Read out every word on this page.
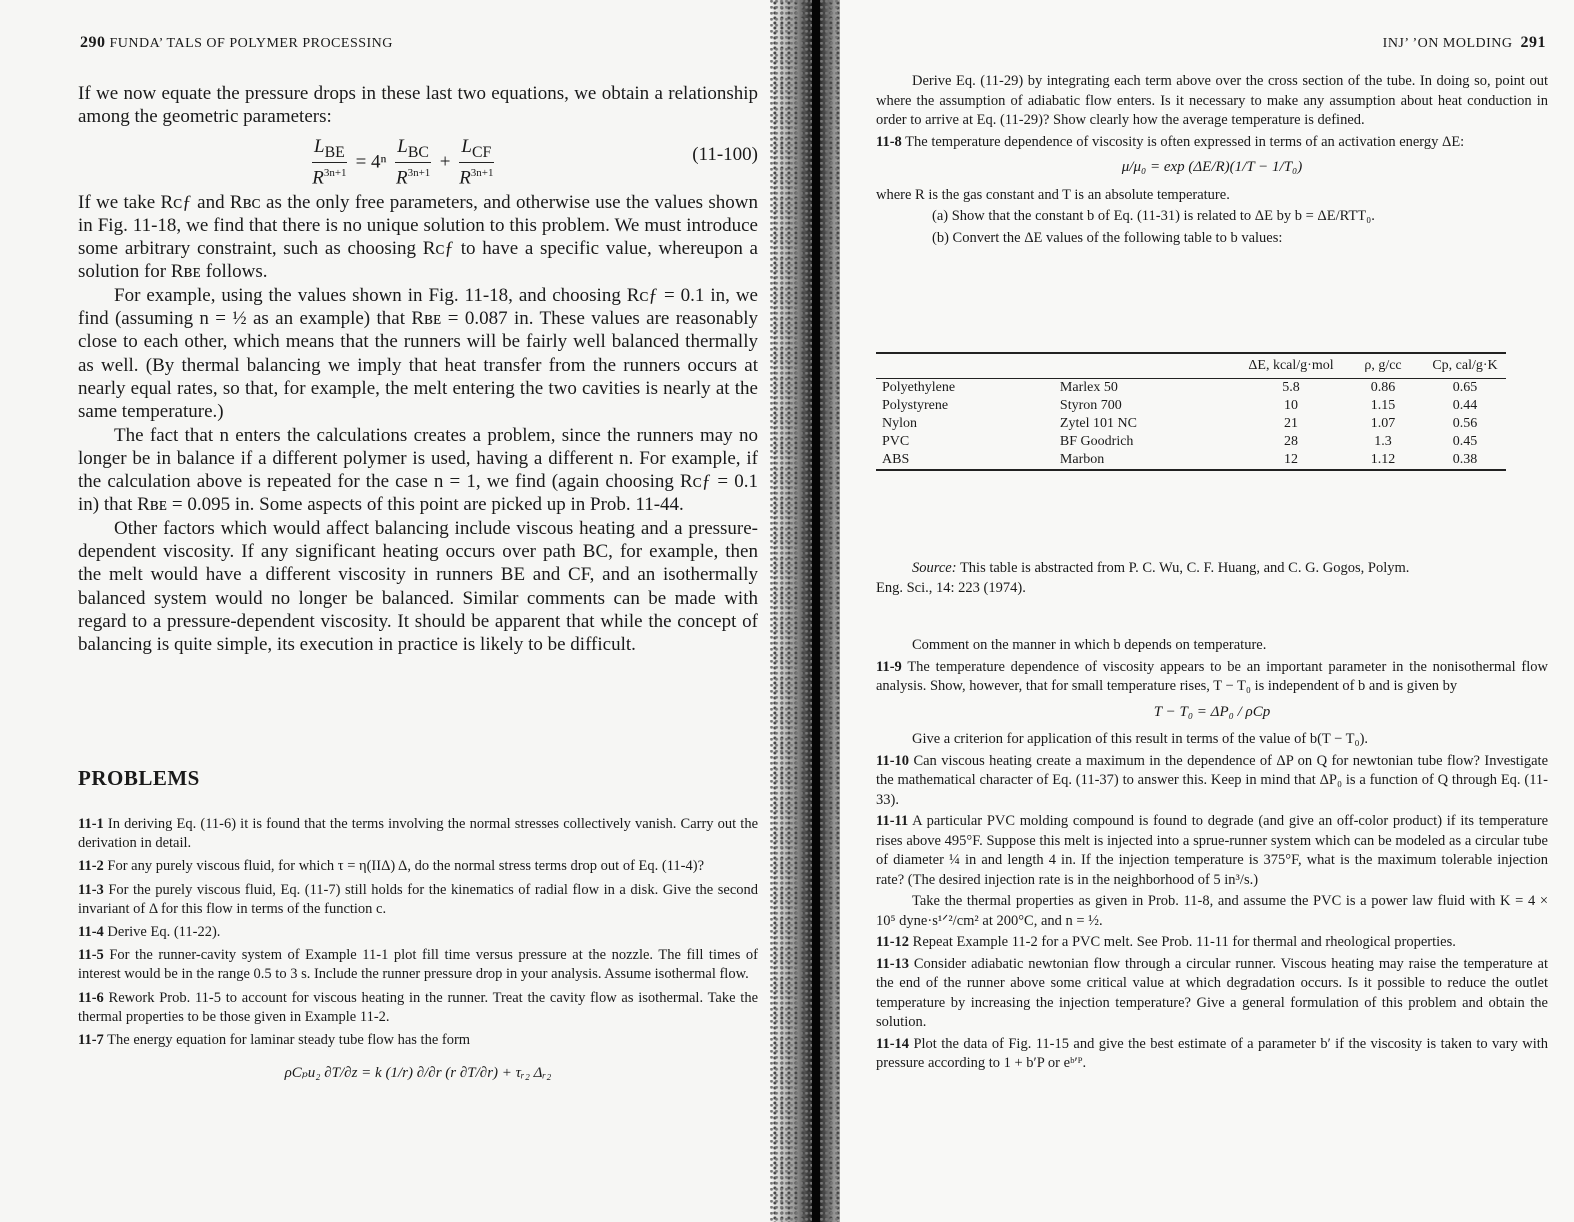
290 FUNDA’ TALS OF POLYMER PROCESSING

If we now equate the pressure drops in these last two equations, we obtain a relationship among the geometric parameters:

$\frac{L_{BE}}{R^{3n+1}} = 4^n \frac{L_{BC}}{R^{3n+1}} + \frac{L_{CF}}{R^{3n+1}}$	(11-100)

If we take Rᴄƒ and Rʙᴄ as the only free parameters, and otherwise use the values shown in Fig. 11-18, we find that there is no unique solution to this problem. We must introduce some arbitrary constraint, such as choosing Rᴄƒ to have a specific value, whereupon a solution for Rʙᴇ follows.

For example, using the values shown in Fig. 11-18, and choosing Rᴄƒ = 0.1 in, we find (assuming n = ½ as an example) that Rʙᴇ = 0.087 in. These values are reasonably close to each other, which means that the runners will be fairly well balanced thermally as well. (By thermal balancing we imply that heat transfer from the runners occurs at nearly equal rates, so that, for example, the melt entering the two cavities is nearly at the same temperature.)

The fact that n enters the calculations creates a problem, since the runners may no longer be in balance if a different polymer is used, having a different n. For example, if the calculation above is repeated for the case n = 1, we find (again choosing Rᴄƒ = 0.1 in) that Rʙᴇ = 0.095 in. Some aspects of this point are picked up in Prob. 11-44.

Other factors which would affect balancing include viscous heating and a pressure-dependent viscosity. If any significant heating occurs over path BC, for example, then the melt would have a different viscosity in runners BE and CF, and an isothermally balanced system would no longer be balanced. Similar comments can be made with regard to a pressure-dependent viscosity. It should be apparent that while the concept of balancing is quite simple, its execution in practice is likely to be difficult.

PROBLEMS

11-1 In deriving Eq. (11-6) it is found that the terms involving the normal stresses collectively vanish. Carry out the derivation in detail.

11-2 For any purely viscous fluid, for which τ = η(IIΔ) Δ, do the normal stress terms drop out of Eq. (11-4)?

11-3 For the purely viscous fluid, Eq. (11-7) still holds for the kinematics of radial flow in a disk. Give the second invariant of Δ for this flow in terms of the function c.

11-4 Derive Eq. (11-22).

11-5 For the runner-cavity system of Example 11-1 plot fill time versus pressure at the nozzle. The fill times of interest would be in the range 0.5 to 3 s. Include the runner pressure drop in your analysis. Assume isothermal flow.

11-6 Rework Prob. 11-5 to account for viscous heating in the runner. Treat the cavity flow as isothermal. Take the thermal properties to be those given in Example 11-2.

11-7 The energy equation for laminar steady tube flow has the form

ρCₚu₂ ∂T/∂z = k (1/r) ∂/∂r (r ∂T/∂r) + τᵣ₂ Δᵣ₂
INJ’ ’ON MOLDING 291

Derive Eq. (11-29) by integrating each term above over the cross section of the tube. In doing so, point out where the assumption of adiabatic flow enters. Is it necessary to make any assumption about heat conduction in order to arrive at Eq. (11-29)? Show clearly how the average temperature is defined.

11-8 The temperature dependence of viscosity is often expressed in terms of an activation energy ΔE:

μ/μ₀ = exp (ΔE/R)(1/T − 1/T₀)

where R is the gas constant and T is an absolute temperature.

(a) Show that the constant b of Eq. (11-31) is related to ΔE by b = ΔE/RTT₀.

(b) Convert the ΔE values of the following table to b values:

		ΔE, kcal/g·mol	ρ, g/cc	Cp, cal/g·K
Polyethylene	Marlex 50	5.8	0.86	0.65
Polystyrene	Styron 700	10	1.15	0.44
Nylon	Zytel 101 NC	21	1.07	0.56
PVC	BF Goodrich	28	1.3	0.45
ABS	Marbon	12	1.12	0.38
Source: This table is abstracted from P. C. Wu, C. F. Huang, and C. G. Gogos, Polym. Eng. Sci., 14: 223 (1974).

Comment on the manner in which b depends on temperature.

11-9 The temperature dependence of viscosity appears to be an important parameter in the nonisothermal flow analysis. Show, however, that for small temperature rises, T − T₀ is independent of b and is given by

T − T₀ = ΔP₀ / ρCp

Give a criterion for application of this result in terms of the value of b(T − T₀).

11-10 Can viscous heating create a maximum in the dependence of ΔP on Q for newtonian tube flow? Investigate the mathematical character of Eq. (11-37) to answer this. Keep in mind that ΔP₀ is a function of Q through Eq. (11-33).

11-11 A particular PVC molding compound is found to degrade (and give an off-color product) if its temperature rises above 495°F. Suppose this melt is injected into a sprue-runner system which can be modeled as a circular tube of diameter ¼ in and length 4 in. If the injection temperature is 375°F, what is the maximum tolerable injection rate? (The desired injection rate is in the neighborhood of 5 in³/s.)

Take the thermal properties as given in Prob. 11-8, and assume the PVC is a power law fluid with K = 4 × 10⁵ dyne·s¹ᐟ²/cm² at 200°C, and n = ½.

11-12 Repeat Example 11-2 for a PVC melt. See Prob. 11-11 for thermal and rheological properties.

11-13 Consider adiabatic newtonian flow through a circular runner. Viscous heating may raise the temperature at the end of the runner above some critical value at which degradation occurs. Is it possible to reduce the outlet temperature by increasing the injection temperature? Give a general formulation of this problem and obtain the solution.

11-14 Plot the data of Fig. 11-15 and give the best estimate of a parameter b′ if the viscosity is taken to vary with pressure according to 1 + b′P or eᵇ′ᴾ.
